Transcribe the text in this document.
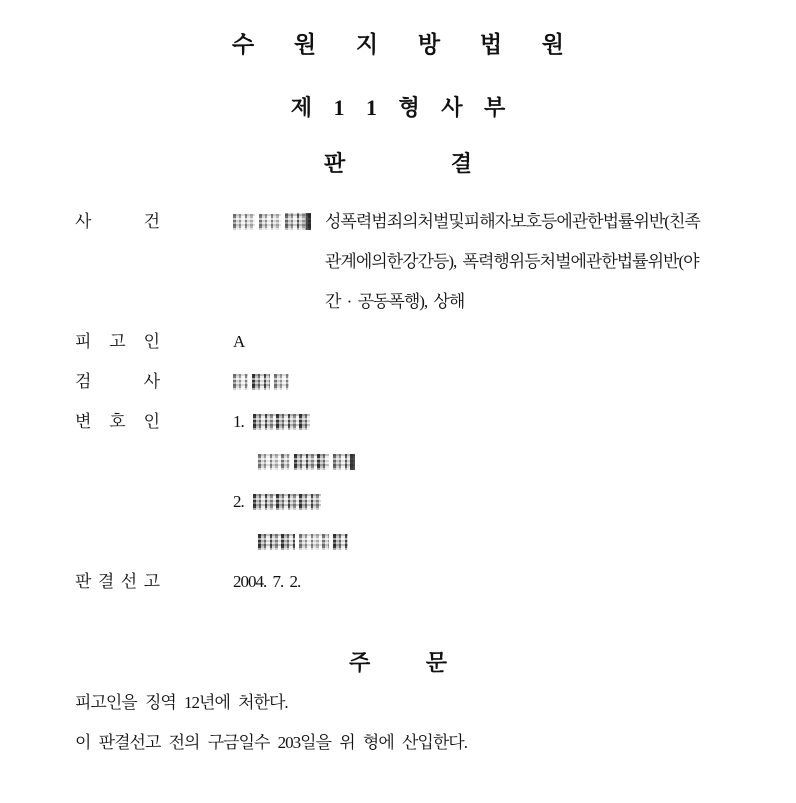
수 원 지 방 법 원
제 1 1 형 사 부
판 결
사 건	성폭력범죄의처벌및피해자보호등에관한법률위반(친족
관계에의한강간등), 폭력행위등처벌에관한법률위반(야
간 · 공동폭행), 상해
피 고 인	A
검 사
변 호 인	1.
2.
판 결 선 고	2004. 7. 2.
주 문
피고인을 징역 12년에 처한다.
이 판결선고 전의 구금일수 203일을 위 형에 산입한다.
